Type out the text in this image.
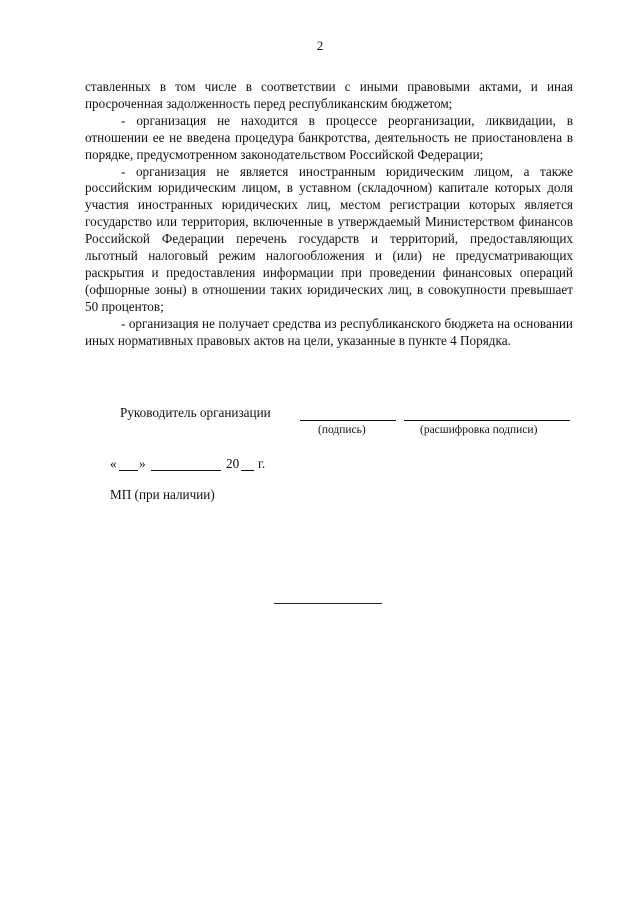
2

ставленных в том числе в соответствии с иными правовыми актами, и иная просроченная задолженность перед республиканским бюджетом;

- организация не находится в процессе реорганизации, ликвидации, в отношении ее не введена процедура банкротства, деятельность не приостановлена в порядке, предусмотренном законодательством Российской Федерации;

- организация не является иностранным юридическим лицом, а также российским юридическим лицом, в уставном (складочном) капитале которых доля участия иностранных юридических лиц, местом регистрации которых является государство или территория, включенные в утверждаемый Министерством финансов Российской Федерации перечень государств и территорий, предоставляющих льготный налоговый режим налогообложения и (или) не предусматривающих раскрытия и предоставления информации при проведении финансовых операций (офшорные зоны) в отношении таких юридических лиц, в совокупности превышает 50 процентов;

- организация не получает средства из республиканского бюджета на основании иных нормативных правовых актов на цели, указанные в пункте 4 Порядка.

Руководитель организации
(подпись)	(расшифровка подписи)
« »	20 г.
МП (при наличии)
